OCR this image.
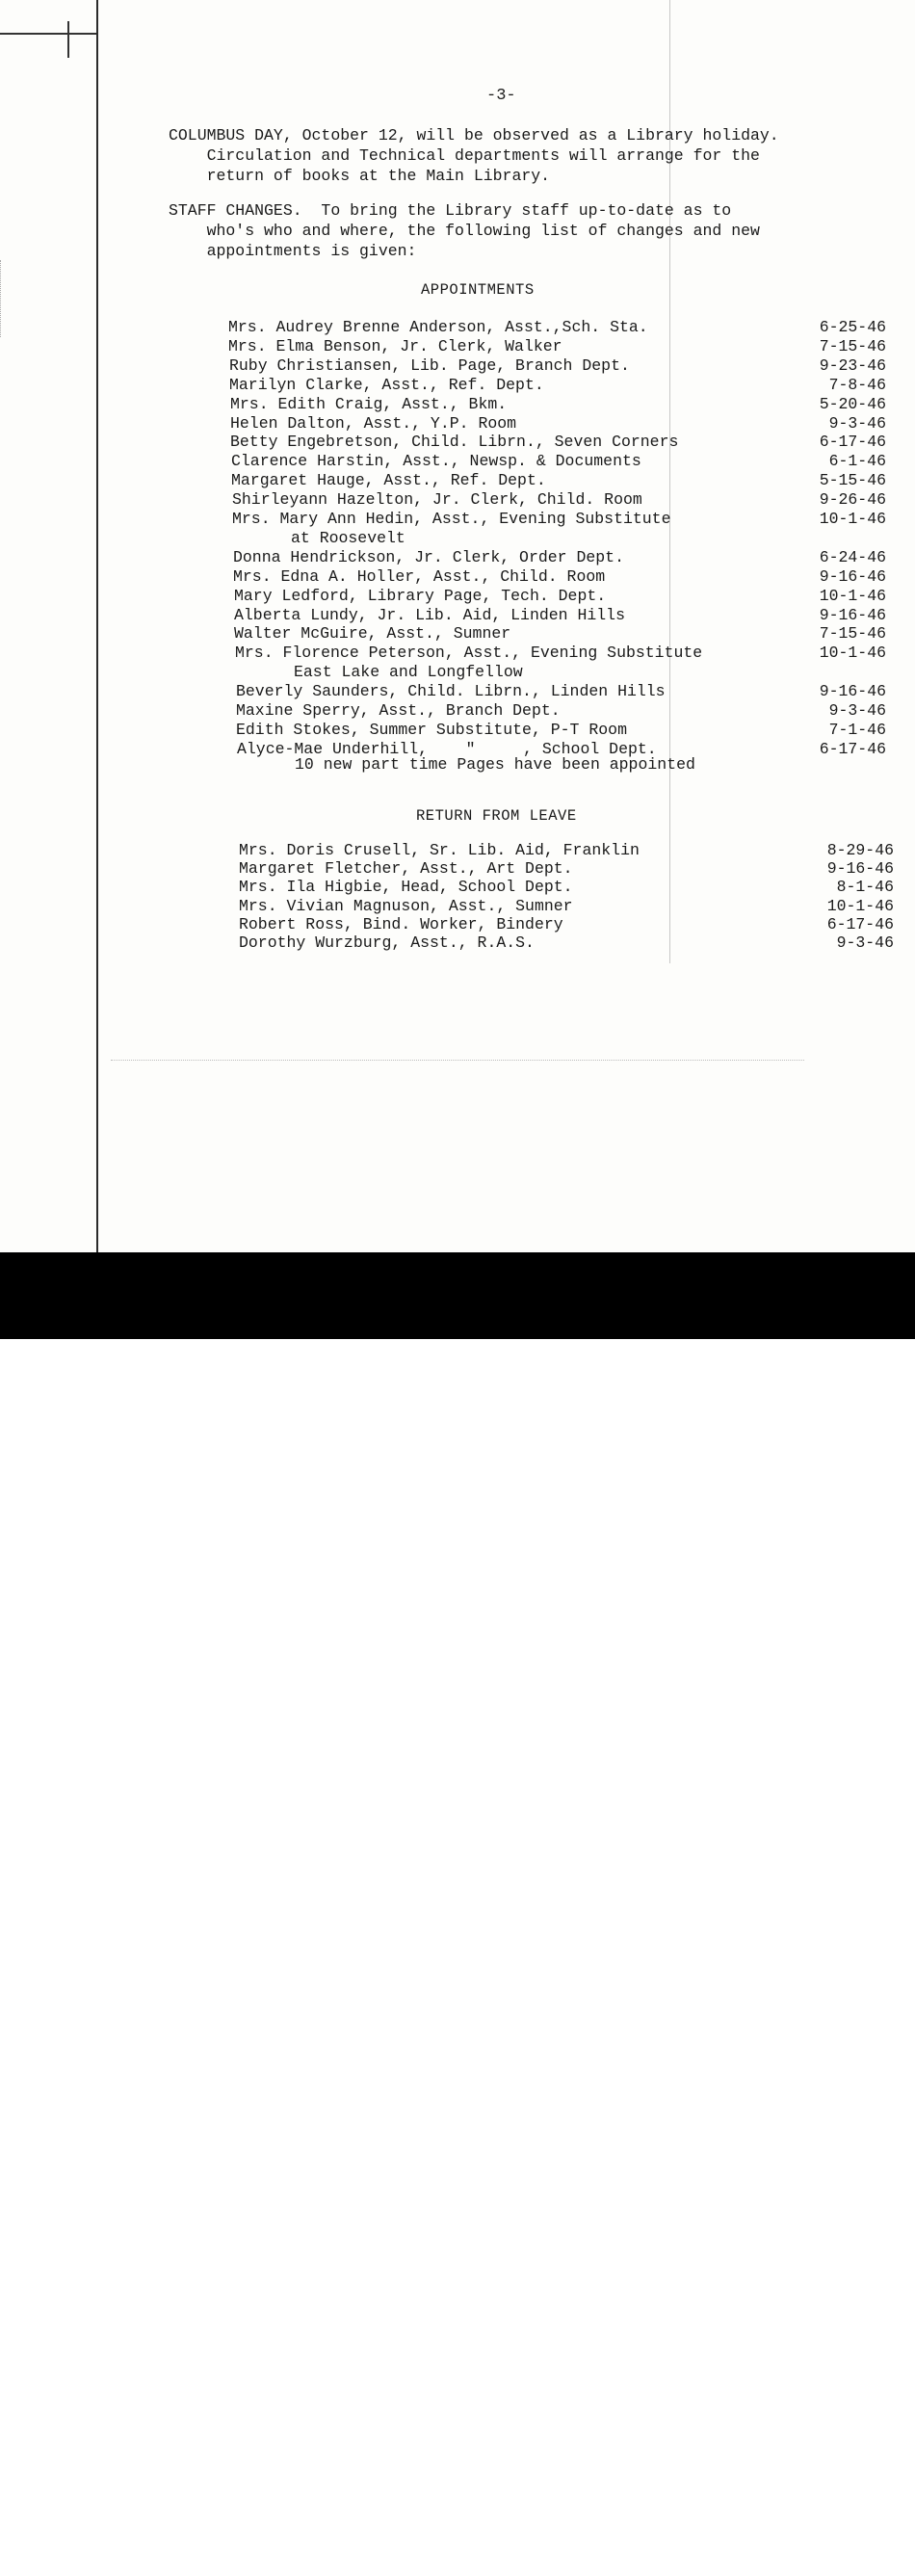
-3-
COLUMBUS DAY, October 12, will be observed as a Library holiday.
Circulation and Technical departments will arrange for the
return of books at the Main Library.
STAFF CHANGES.  To bring the Library staff up-to-date as to
who's who and where, the following list of changes and new
appointments is given:
APPOINTMENTS
Mrs. Audrey Brenne Anderson, Asst.,Sch. Sta.	6-25-46
Mrs. Elma Benson, Jr. Clerk, Walker	7-15-46
Ruby Christiansen, Lib. Page, Branch Dept.	9-23-46
Marilyn Clarke, Asst., Ref. Dept.	7-8-46
Mrs. Edith Craig, Asst., Bkm.	5-20-46
Helen Dalton, Asst., Y.P. Room	9-3-46
Betty Engebretson, Child. Librn., Seven Corners	6-17-46
Clarence Harstin, Asst., Newsp. & Documents	6-1-46
Margaret Hauge, Asst., Ref. Dept.	5-15-46
Shirleyann Hazelton, Jr. Clerk, Child. Room	9-26-46
Mrs. Mary Ann Hedin, Asst., Evening Substitute	10-1-46
at Roosevelt
Donna Hendrickson, Jr. Clerk, Order Dept.	6-24-46
Mrs. Edna A. Holler, Asst., Child. Room	9-16-46
Mary Ledford, Library Page, Tech. Dept.	10-1-46
Alberta Lundy, Jr. Lib. Aid, Linden Hills	9-16-46
Walter McGuire, Asst., Sumner	7-15-46
Mrs. Florence Peterson, Asst., Evening Substitute	10-1-46
East Lake and Longfellow
Beverly Saunders, Child. Librn., Linden Hills	9-16-46
Maxine Sperry, Asst., Branch Dept.	9-3-46
Edith Stokes, Summer Substitute, P-T Room	7-1-46
Alyce-Mae Underhill,    "     , School Dept.	6-17-46
10 new part time Pages have been appointed
RETURN FROM LEAVE
Mrs. Doris Crusell, Sr. Lib. Aid, Franklin	8-29-46
Margaret Fletcher, Asst., Art Dept.	9-16-46
Mrs. Ila Higbie, Head, School Dept.	8-1-46
Mrs. Vivian Magnuson, Asst., Sumner	10-1-46
Robert Ross, Bind. Worker, Bindery	6-17-46
Dorothy Wurzburg, Asst., R.A.S.	9-3-46
alamy	3AKCJK1
www.alamy.com
